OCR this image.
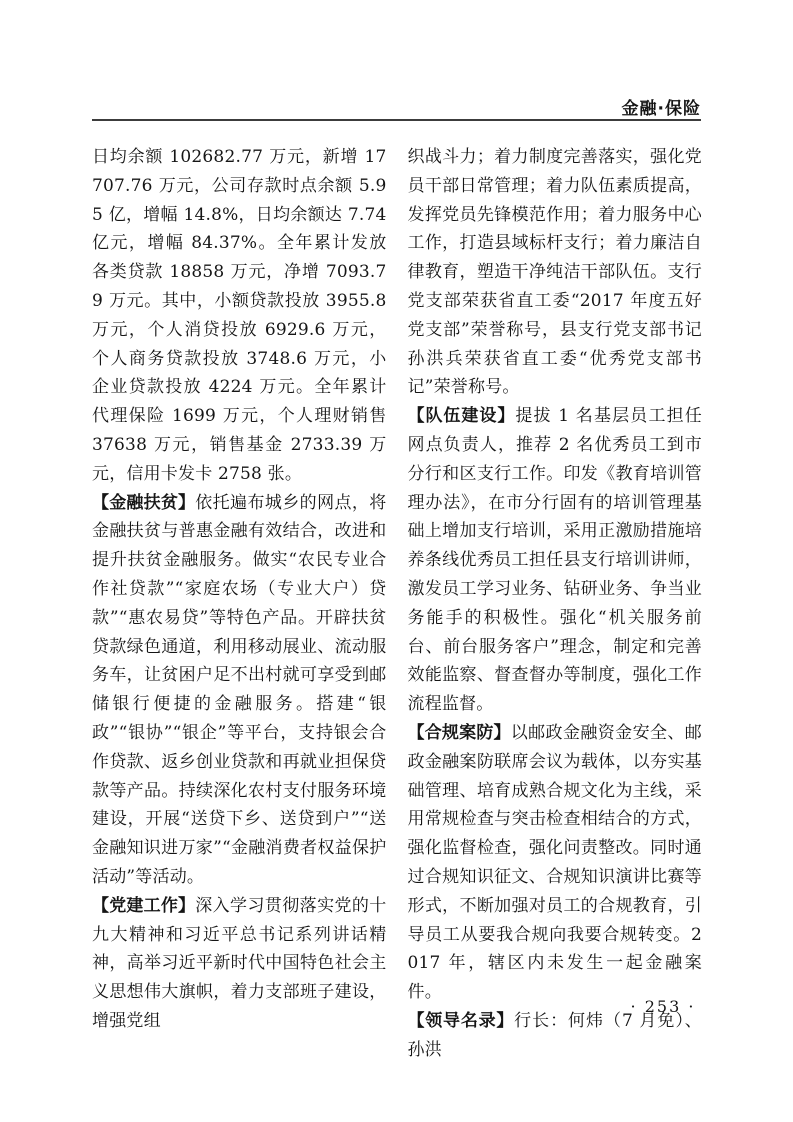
金融·保险

日均余额 102682.77 万元，新增 17707.76 万元，公司存款时点余额 5.95 亿，增幅 14.8%，日均余额达 7.74 亿元，增幅 84.37%。全年累计发放各类贷款 18858 万元，净增 7093.79 万元。其中，小额贷款投放 3955.8 万元，个人消贷投放 6929.6 万元，个人商务贷款投放 3748.6 万元，小企业贷款投放 4224 万元。全年累计代理保险 1699 万元，个人理财销售 37638 万元，销售基金 2733.39 万元，信用卡发卡 2758 张。

【金融扶贫】依托遍布城乡的网点，将金融扶贫与普惠金融有效结合，改进和提升扶贫金融服务。做实“农民专业合作社贷款”“家庭农场（专业大户）贷款”“惠农易贷”等特色产品。开辟扶贫贷款绿色通道，利用移动展业、流动服务车，让贫困户足不出村就可享受到邮储银行便捷的金融服务。搭建“银政”“银协”“银企”等平台，支持银会合作贷款、返乡创业贷款和再就业担保贷款等产品。持续深化农村支付服务环境建设，开展“送贷下乡、送贷到户”“送金融知识进万家”“金融消费者权益保护活动”等活动。

【党建工作】深入学习贯彻落实党的十九大精神和习近平总书记系列讲话精神，高举习近平新时代中国特色社会主义思想伟大旗帜，着力支部班子建设，增强党组

织战斗力；着力制度完善落实，强化党员干部日常管理；着力队伍素质提高，发挥党员先锋模范作用；着力服务中心工作，打造县域标杆支行；着力廉洁自律教育，塑造干净纯洁干部队伍。支行党支部荣获省直工委“2017 年度五好党支部”荣誉称号，县支行党支部书记孙洪兵荣获省直工委“优秀党支部书记”荣誉称号。

【队伍建设】提拔 1 名基层员工担任网点负责人，推荐 2 名优秀员工到市分行和区支行工作。印发《教育培训管理办法》，在市分行固有的培训管理基础上增加支行培训，采用正激励措施培养条线优秀员工担任县支行培训讲师，激发员工学习业务、钻研业务、争当业务能手的积极性。强化“机关服务前台、前台服务客户”理念，制定和完善效能监察、督查督办等制度，强化工作流程监督。

【合规案防】以邮政金融资金安全、邮政金融案防联席会议为载体，以夯实基础管理、培育成熟合规文化为主线，采用常规检查与突击检查相结合的方式，强化监督检查，强化问责整改。同时通过合规知识征文、合规知识演讲比赛等形式，不断加强对员工的合规教育，引导员工从要我合规向我要合规转变。2017 年，辖区内未发生一起金融案件。

【领导名录】行长：何炜（7 月免）、孙洪

· 253 ·
